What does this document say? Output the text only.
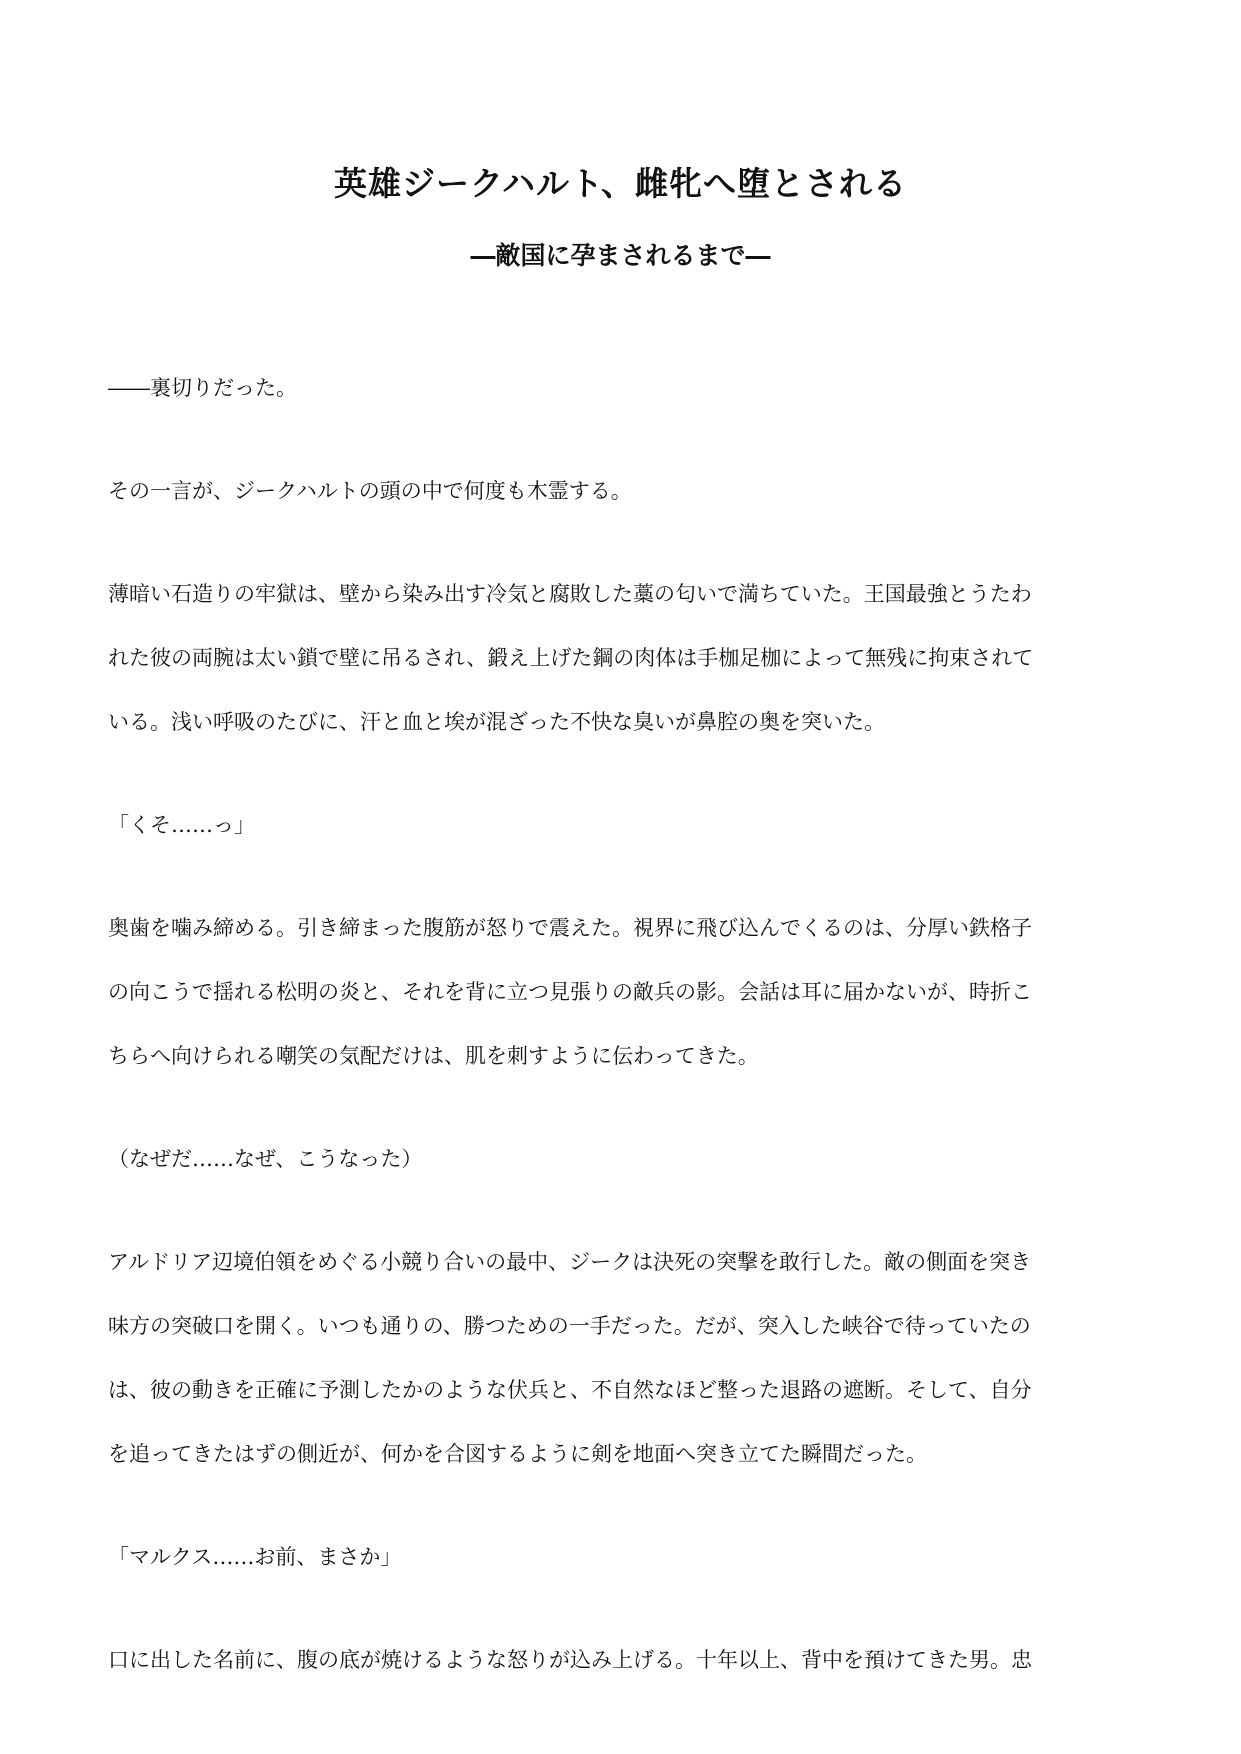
英雄ジークハルト、雌牝へ堕とされる
―敵国に孕まされるまで―

――裏切りだった。

その一言が、ジークハルトの頭の中で何度も木霊する。

薄暗い石造りの牢獄は、壁から染み出す冷気と腐敗した藁の匂いで満ちていた。王国最強とうたわ

れた彼の両腕は太い鎖で壁に吊るされ、鍛え上げた鋼の肉体は手枷足枷によって無残に拘束されて

いる。浅い呼吸のたびに、汗と血と埃が混ざった不快な臭いが鼻腔の奥を突いた。

「くそ……っ」

奥歯を噛み締める。引き締まった腹筋が怒りで震えた。視界に飛び込んでくるのは、分厚い鉄格子

の向こうで揺れる松明の炎と、それを背に立つ見張りの敵兵の影。会話は耳に届かないが、時折こ

ちらへ向けられる嘲笑の気配だけは、肌を刺すように伝わってきた。

（なぜだ……なぜ、こうなった）

アルドリア辺境伯領をめぐる小競り合いの最中、ジークは決死の突撃を敢行した。敵の側面を突き

味方の突破口を開く。いつも通りの、勝つための一手だった。だが、突入した峡谷で待っていたの

は、彼の動きを正確に予測したかのような伏兵と、不自然なほど整った退路の遮断。そして、自分

を追ってきたはずの側近が、何かを合図するように剣を地面へ突き立てた瞬間だった。

「マルクス……お前、まさか」

口に出した名前に、腹の底が焼けるような怒りが込み上げる。十年以上、背中を預けてきた男。忠
